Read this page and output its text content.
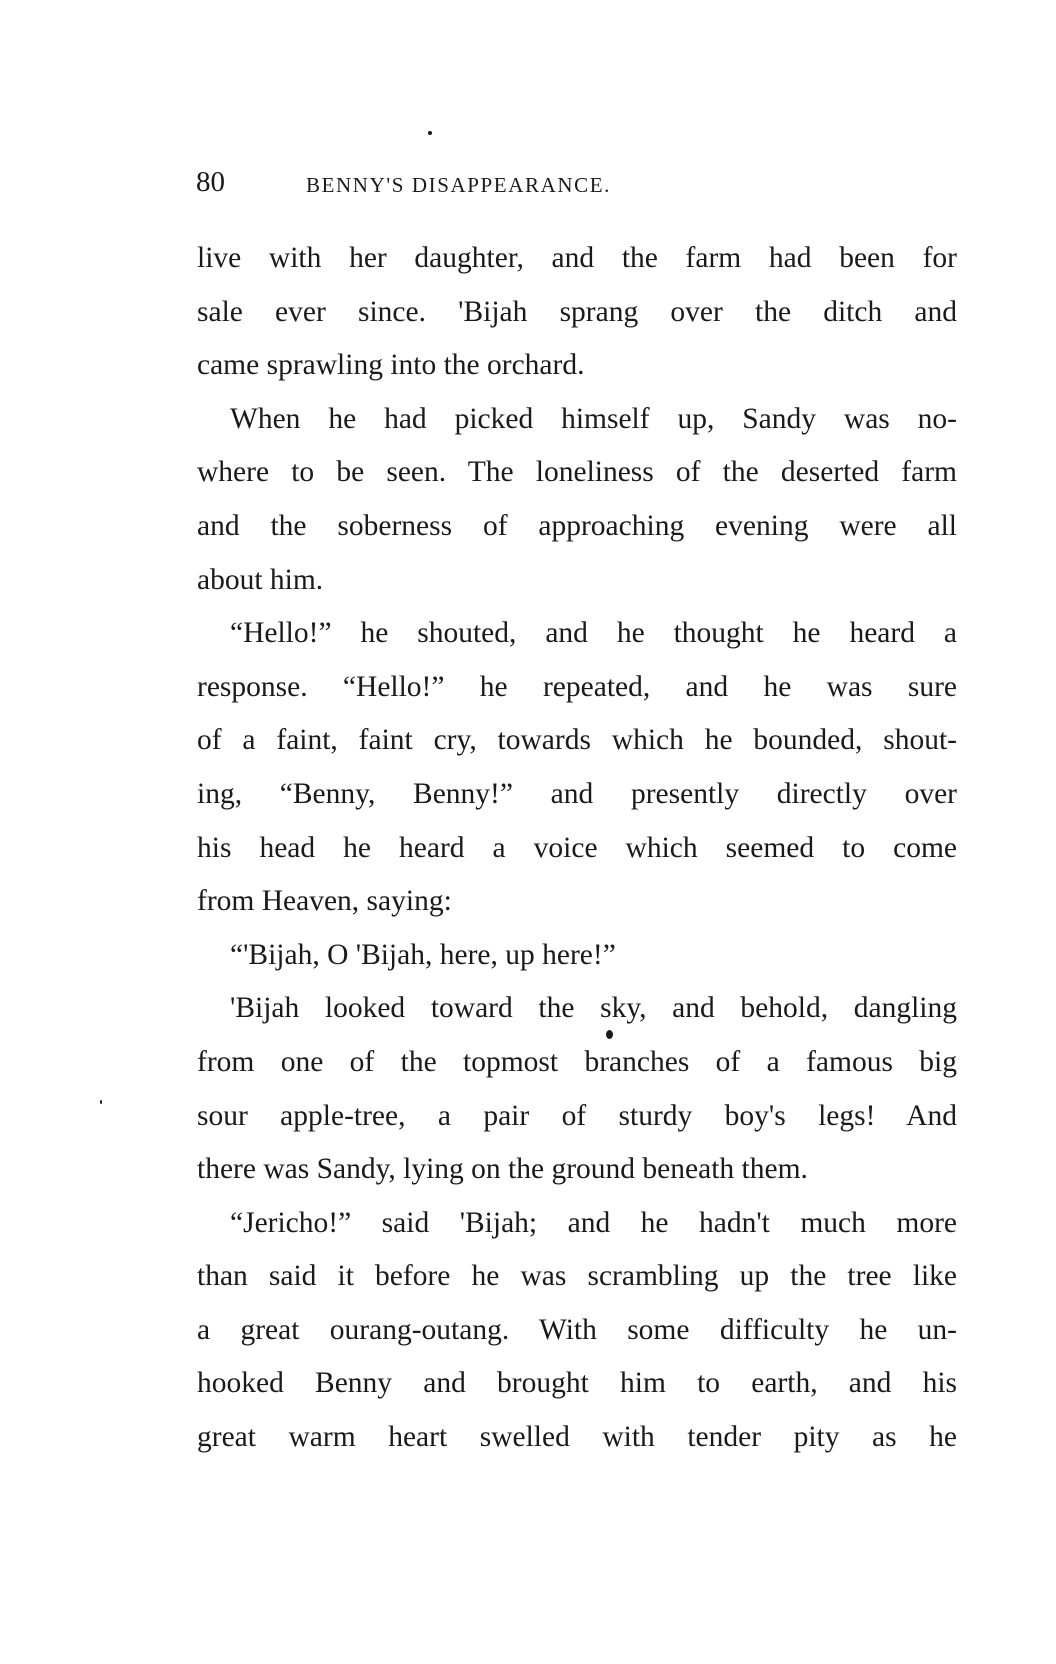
80	BENNY'S DISAPPEARANCE.
live with her daughter, and the farm had been for
sale ever since. 'Bijah sprang over the ditch and
came sprawling into the orchard.
When he had picked himself up, Sandy was no-
where to be seen. The loneliness of the deserted farm
and the soberness of approaching evening were all
about him.
“Hello!” he shouted, and he thought he heard a
response. “Hello!” he repeated, and he was sure
of a faint, faint cry, towards which he bounded, shout-
ing, “Benny, Benny!” and presently directly over
his head he heard a voice which seemed to come
from Heaven, saying:
“'Bijah, O 'Bijah, here, up here!”
'Bijah looked toward the sky, and behold, dangling
from one of the topmost branches of a famous big
sour apple-tree, a pair of sturdy boy's legs! And
there was Sandy, lying on the ground beneath them.
“Jericho!” said 'Bijah; and he hadn't much more
than said it before he was scrambling up the tree like
a great ourang-outang. With some difficulty he un-
hooked Benny and brought him to earth, and his
great warm heart swelled with tender pity as he
